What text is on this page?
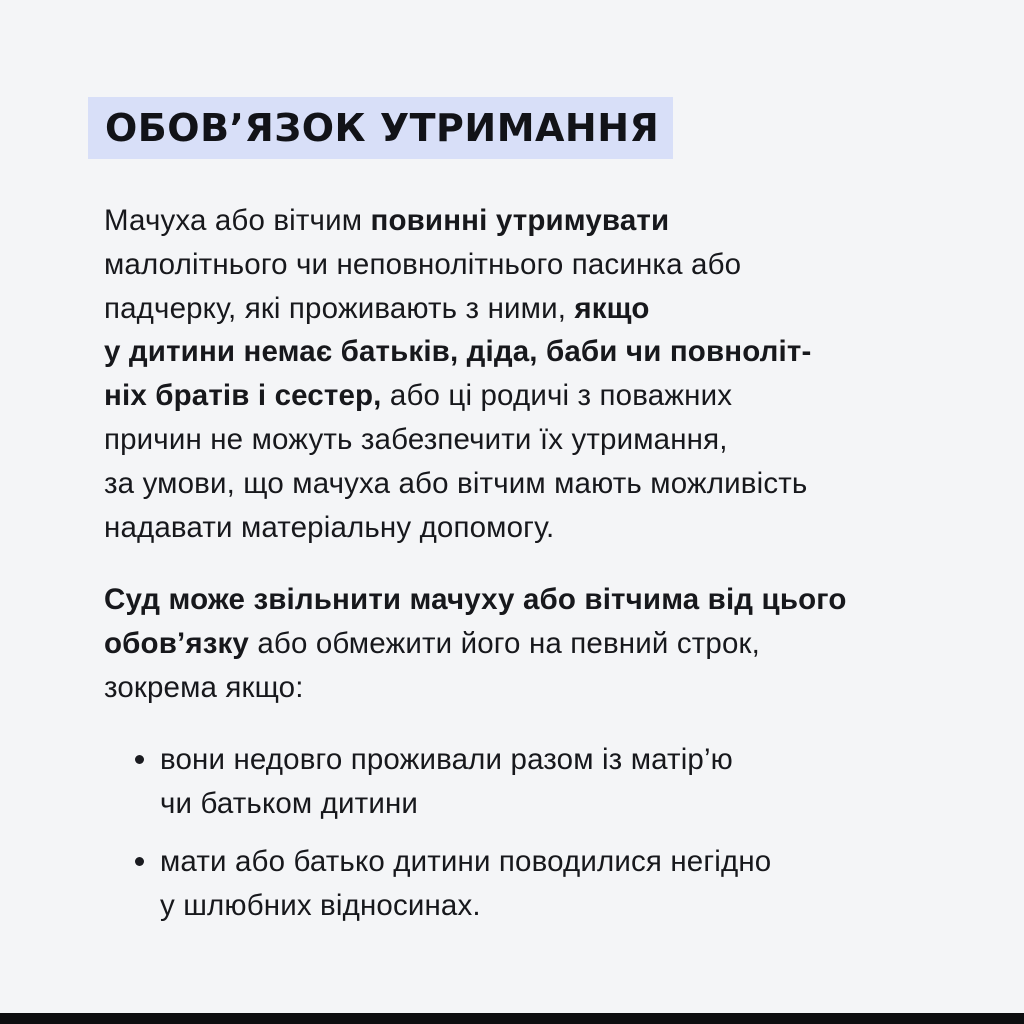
ОБОВ’ЯЗОК УТРИМАННЯ
Мачуха або вітчим повинні утримувати
малолітнього чи неповнолітнього пасинка або
падчерку, які проживають з ними, якщо
у дитини немає батьків, діда, баби чи повноліт-
ніх братів і сестер, або ці родичі з поважних
причин не можуть забезпечити їх утримання,
за умови, що мачуха або вітчим мають можливість
надавати матеріальну допомогу.
Суд може звільнити мачуху або вітчима від цього
обов’язку або обмежити його на певний строк,
зокрема якщо:
вони недовго проживали разом із матір’ю
чи батьком дитини
мати або батько дитини поводилися негідно
у шлюбних відносинах.
